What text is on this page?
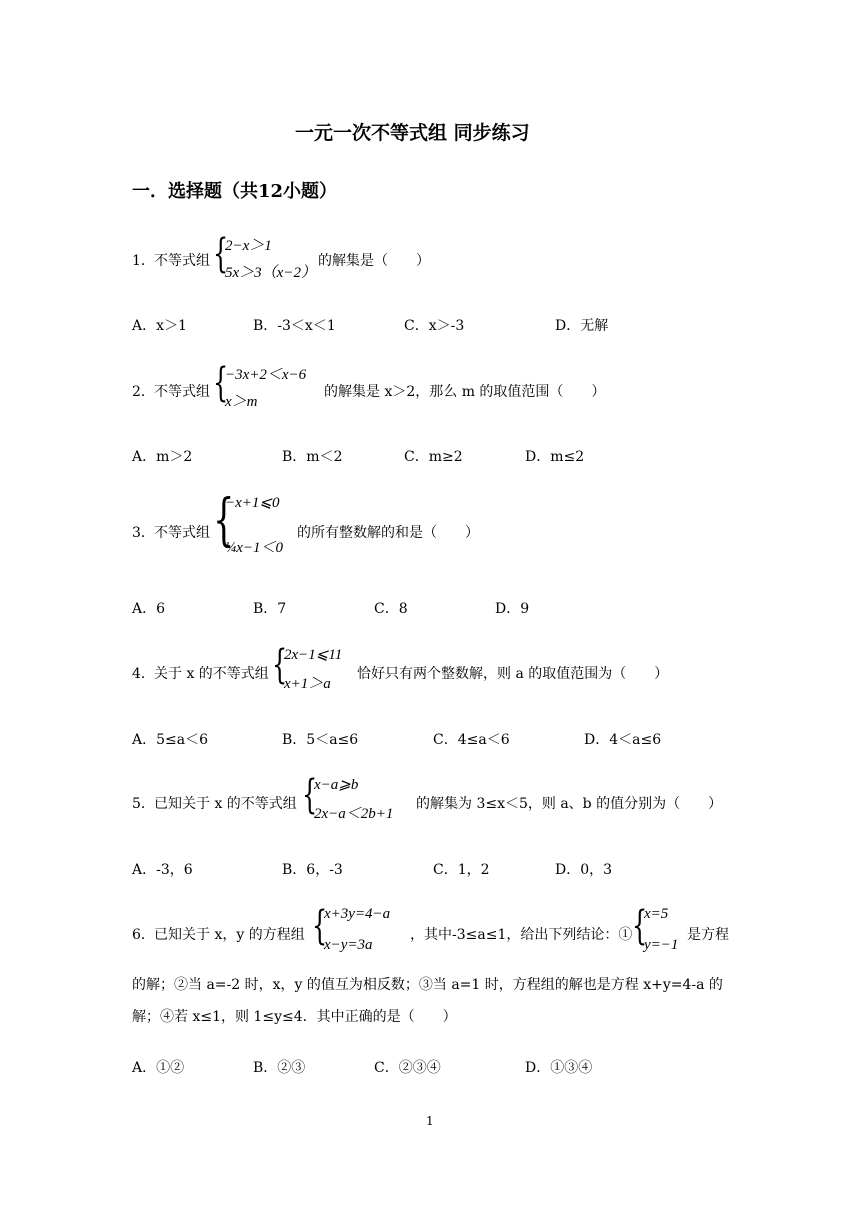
一元一次不等式组 同步练习
一．选择题（共12小题）
1． 不等式组 {
2−x＞1
5x＞3（x−2）
的解集是（　　）
A．x＞1	B．-3＜x＜1	C．x＞-3	D．无解
2． 不等式组 {
−3x+2＜x−6
x＞m
的解集是 x＞2，那么 m 的取值范围（　　）
A．m＞2	B．m＜2	C．m≥2	D．m≤2
3． 不等式组 {
−x+1⩽0
¼x−1＜0
的所有整数解的和是（　　）
A．6	B．7	C．8	D．9
4． 关于 x 的不等式组 {
2x−1⩽11
x+1＞a
恰好只有两个整数解，则 a 的取值范围为（　　）
A．5≤a＜6	B．5＜a≤6	C．4≤a＜6	D．4＜a≤6
5． 已知关于 x 的不等式组 {
x−a⩾b
2x−a＜2b+1
的解集为 3≤x＜5，则 a、b 的值分别为（　　）
A．-3，6	B．6，-3	C．1，2	D．0，3
6． 已知关于 x，y 的方程组 {
x+3y=4−a
x−y=3a
，其中-3≤a≤1，给出下列结论：① {
x=5
y=−1
是方程
的解；②当 a=-2 时，x，y 的值互为相反数；③当 a=1 时，方程组的解也是方程 x+y=4-a 的
解；④若 x≤1，则 1≤y≤4．其中正确的是（　　）
A．①②	B．②③	C．②③④	D．①③④
1
